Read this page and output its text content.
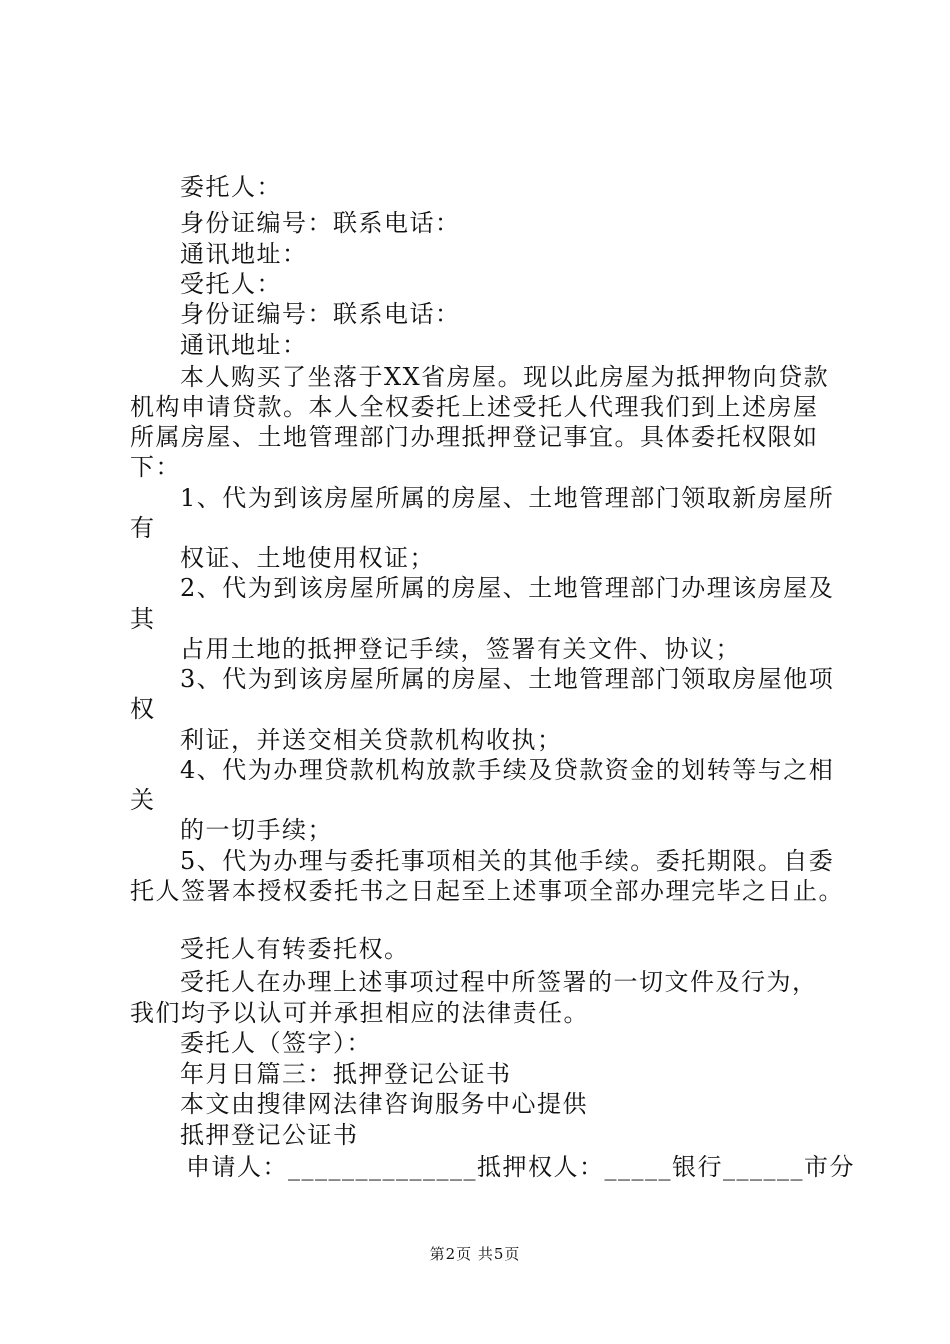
委托人：
身份证编号：联系电话：
通讯地址：
受托人：
身份证编号：联系电话：
通讯地址：
本人购买了坐落于XX省房屋。现以此房屋为抵押物向贷款
机构申请贷款。本人全权委托上述受托人代理我们到上述房屋
所属房屋、土地管理部门办理抵押登记事宜。具体委托权限如
下：
1、代为到该房屋所属的房屋、土地管理部门领取新房屋所
有
权证、土地使用权证；
2、代为到该房屋所属的房屋、土地管理部门办理该房屋及
其
占用土地的抵押登记手续，签署有关文件、协议；
3、代为到该房屋所属的房屋、土地管理部门领取房屋他项
权
利证，并送交相关贷款机构收执；
4、代为办理贷款机构放款手续及贷款资金的划转等与之相
关
的一切手续；
5、代为办理与委托事项相关的其他手续。委托期限。自委
托人签署本授权委托书之日起至上述事项全部办理完毕之日止。
受托人有转委托权。
受托人在办理上述事项过程中所签署的一切文件及行为，
我们均予以认可并承担相应的法律责任。
委托人（签字）：
年月日篇三：抵押登记公证书
本文由搜律网法律咨询服务中心提供
抵押登记公证书
申请人：______________抵押权人：_____银行______市分
第2页 共5页
